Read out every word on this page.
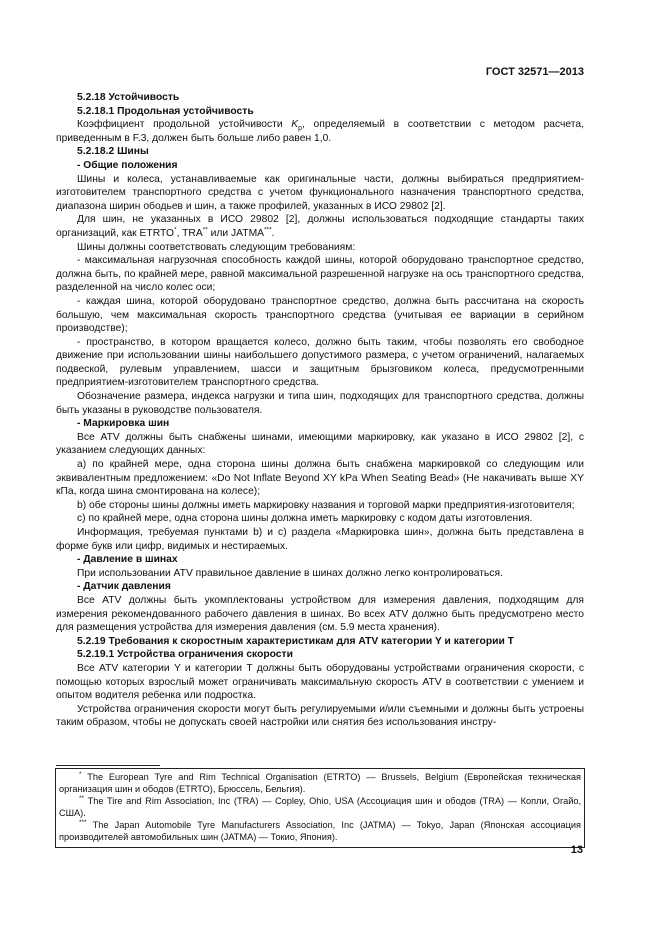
ГОСТ 32571—2013

5.2.18 Устойчивость

5.2.18.1 Продольная устойчивость

Коэффициент продольной устойчивости $K_p$, определяемый в соответствии с методом расчета, приведенным в F.3, должен быть больше либо равен 1,0.

5.2.18.2 Шины

- Общие положения

Шины и колеса, устанавливаемые как оригинальные части, должны выбираться предприятием-изготовителем транспортного средства с учетом функционального назначения транспортного средства, диапазона ширин ободьев и шин, а также профилей, указанных в ИСО 29802 [2].

Для шин, не указанных в ИСО 29802 [2], должны использоваться подходящие стандарты таких организаций, как ETRTO*, TRA** или JATMA***.

Шины должны соответствовать следующим требованиям:

- максимальная нагрузочная способность каждой шины, которой оборудовано транспортное средство, должна быть, по крайней мере, равной максимальной разрешенной нагрузке на ось транспортного средства, разделенной на число колес оси;

- каждая шина, которой оборудовано транспортное средство, должна быть рассчитана на скорость большую, чем максимальная скорость транспортного средства (учитывая ее вариации в серийном производстве);

- пространство, в котором вращается колесо, должно быть таким, чтобы позволять его свободное движение при использовании шины наибольшего допустимого размера, с учетом ограничений, налагаемых подвеской, рулевым управлением, шасси и защитным брызговиком колеса, предусмотренными предприятием-изготовителем транспортного средства.

Обозначение размера, индекса нагрузки и типа шин, подходящих для транспортного средства, должны быть указаны в руководстве пользователя.

- Маркировка шин

Все ATV должны быть снабжены шинами, имеющими маркировку, как указано в ИСО 29802 [2], с указанием следующих данных:

а) по крайней мере, одна сторона шины должна быть снабжена маркировкой со следующим или эквивалентным предложением: «Do Not Inflate Beyond XY kPa When Seating Bead» (Не накачивать выше XY кПа, когда шина смонтирована на колесе);

b) обе стороны шины должны иметь маркировку названия и торговой марки предприятия-изготовителя;

c) по крайней мере, одна сторона шины должна иметь маркировку с кодом даты изготовления.

Информация, требуемая пунктами b) и c) раздела «Маркировка шин», должна быть представлена в форме букв или цифр, видимых и нестираемых.

- Давление в шинах

При использовании ATV правильное давление в шинах должно легко контролироваться.

- Датчик давления

Все ATV должны быть укомплектованы устройством для измерения давления, подходящим для измерения рекомендованного рабочего давления в шинах. Во всех ATV должно быть предусмотрено место для размещения устройства для измерения давления (см. 5.9 места хранения).

5.2.19 Требования к скоростным характеристикам для ATV категории Y и категории T

5.2.19.1 Устройства ограничения скорости

Все ATV категории Y и категории T должны быть оборудованы устройствами ограничения скорости, с помощью которых взрослый может ограничивать максимальную скорость ATV в соответствии с умением и опытом водителя ребенка или подростка.

Устройства ограничения скорости могут быть регулируемыми и/или съемными и должны быть устроены таким образом, чтобы не допускать своей настройки или снятия без использования инстру-

* The European Tyre and Rim Technical Organisation (ETRTO) — Brussels, Belgium (Европейская техническая организация шин и ободов (ETRTO), Брюссель, Бельгия).

** The Tire and Rim Association, Inc (TRA) — Copley, Ohio, USA (Ассоциация шин и ободов (TRA) — Копли, Огайо, США).

*** The Japan Automobile Tyre Manufacturers Association, Inc (JATMA) — Tokyo, Japan (Японская ассоциация производителей автомобильных шин (JATMA) — Токио, Япония).

13
